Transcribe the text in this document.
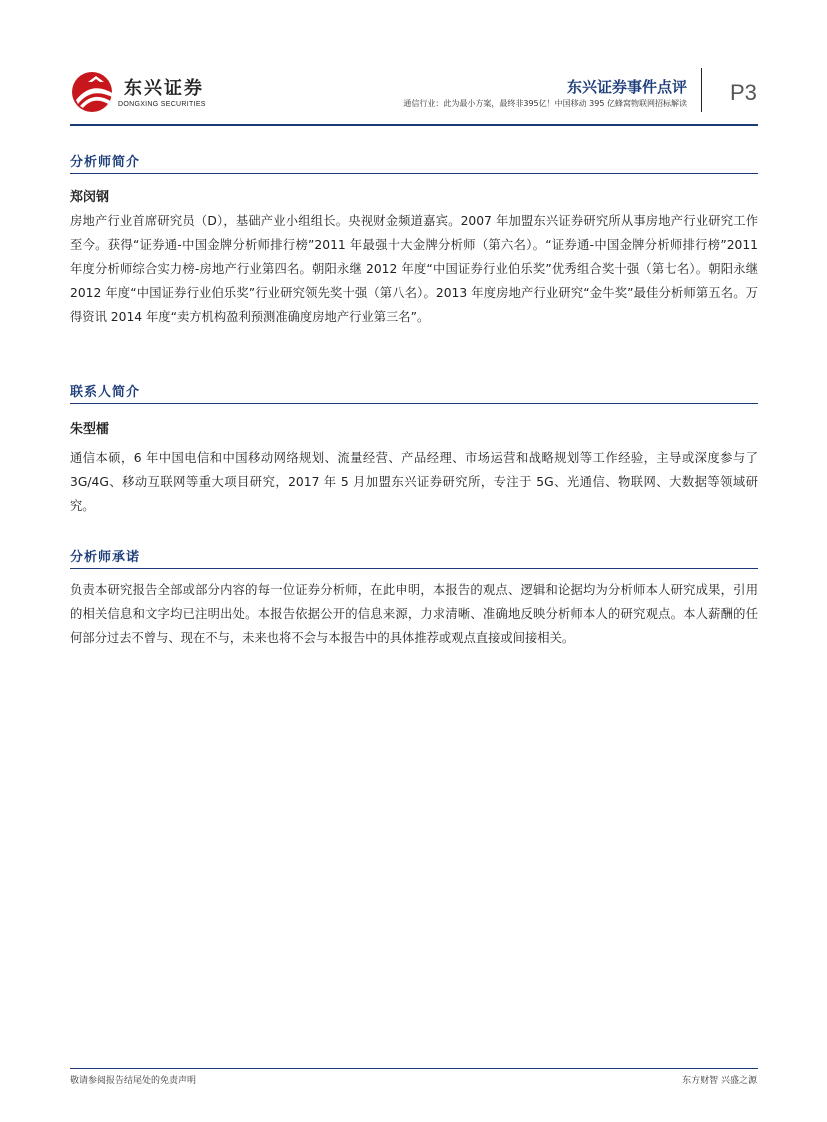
东兴证券
DONGXING SECURITIES
东兴证券事件点评
通信行业：此为最小方案，最终非395亿！中国移动 395 亿蜂窝物联网招标解读 P3
分析师简介
郑闵钢

房地产行业首席研究员（D），基础产业小组组长。央视财金频道嘉宾。2007 年加盟东兴证券研究所从事房地产行业研究工作至今。获得“证券通-中国金牌分析师排行榜”2011 年最强十大金牌分析师（第六名）。“证券通-中国金牌分析师排行榜”2011 年度分析师综合实力榜-房地产行业第四名。朝阳永继 2012 年度“中国证券行业伯乐奖”优秀组合奖十强（第七名）。朝阳永继 2012 年度“中国证券行业伯乐奖”行业研究领先奖十强（第八名）。2013 年度房地产行业研究“金牛奖”最佳分析师第五名。万得资讯 2014 年度“卖方机构盈利预测准确度房地产行业第三名”。

联系人简介
朱型檑

通信本硕，6 年中国电信和中国移动网络规划、流量经营、产品经理、市场运营和战略规划等工作经验，主导或深度参与了 3G/4G、移动互联网等重大项目研究，2017 年 5 月加盟东兴证券研究所，专注于 5G、光通信、物联网、大数据等领域研究。

分析师承诺

负责本研究报告全部或部分内容的每一位证券分析师，在此申明，本报告的观点、逻辑和论据均为分析师本人研究成果，引用的相关信息和文字均已注明出处。本报告依据公开的信息来源，力求清晰、准确地反映分析师本人的研究观点。本人薪酬的任何部分过去不曾与、现在不与，未来也将不会与本报告中的具体推荐或观点直接或间接相关。

敬请参阅报告结尾处的免责声明	东方财智 兴盛之源
